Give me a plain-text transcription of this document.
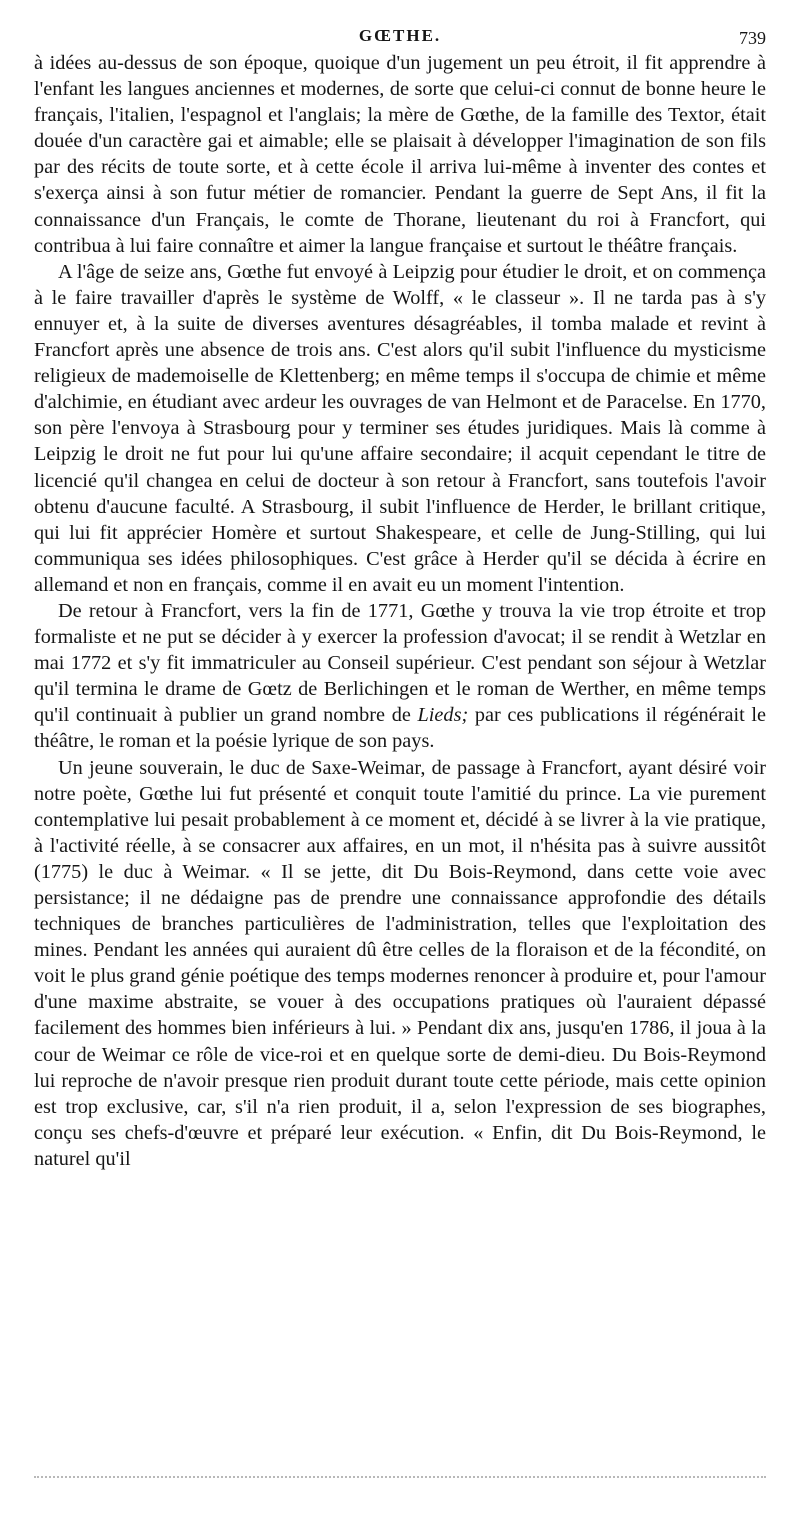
GŒTHE.	739

à idées au-dessus de son époque, quoique d'un jugement un peu étroit, il fit apprendre à l'enfant les langues anciennes et modernes, de sorte que celui-ci connut de bonne heure le français, l'italien, l'espagnol et l'anglais; la mère de Gœthe, de la famille des Textor, était douée d'un caractère gai et aimable; elle se plaisait à développer l'imagination de son fils par des récits de toute sorte, et à cette école il arriva lui-même à inventer des contes et s'exerça ainsi à son futur métier de romancier. Pendant la guerre de Sept Ans, il fit la connaissance d'un Français, le comte de Thorane, lieutenant du roi à Francfort, qui contribua à lui faire connaître et aimer la langue française et surtout le théâtre français.

A l'âge de seize ans, Gœthe fut envoyé à Leipzig pour étudier le droit, et on commença à le faire travailler d'après le système de Wolff, « le classeur ». Il ne tarda pas à s'y ennuyer et, à la suite de diverses aventures désagréables, il tomba malade et revint à Francfort après une absence de trois ans. C'est alors qu'il subit l'influence du mysticisme religieux de mademoiselle de Klettenberg; en même temps il s'occupa de chimie et même d'alchimie, en étudiant avec ardeur les ouvrages de van Helmont et de Paracelse. En 1770, son père l'envoya à Strasbourg pour y terminer ses études juridiques. Mais là comme à Leipzig le droit ne fut pour lui qu'une affaire secondaire; il acquit cependant le titre de licencié qu'il changea en celui de docteur à son retour à Francfort, sans toutefois l'avoir obtenu d'aucune faculté. A Strasbourg, il subit l'influence de Herder, le brillant critique, qui lui fit apprécier Homère et surtout Shakespeare, et celle de Jung-Stilling, qui lui communiqua ses idées philosophiques. C'est grâce à Herder qu'il se décida à écrire en allemand et non en français, comme il en avait eu un moment l'intention.

De retour à Francfort, vers la fin de 1771, Gœthe y trouva la vie trop étroite et trop formaliste et ne put se décider à y exercer la profession d'avocat; il se rendit à Wetzlar en mai 1772 et s'y fit immatriculer au Conseil supérieur. C'est pendant son séjour à Wetzlar qu'il termina le drame de Gœtz de Berlichingen et le roman de Werther, en même temps qu'il continuait à publier un grand nombre de Lieds; par ces publications il régénérait le théâtre, le roman et la poésie lyrique de son pays.

Un jeune souverain, le duc de Saxe-Weimar, de passage à Francfort, ayant désiré voir notre poète, Gœthe lui fut présenté et conquit toute l'amitié du prince. La vie purement contemplative lui pesait probablement à ce moment et, décidé à se livrer à la vie pratique, à l'activité réelle, à se consacrer aux affaires, en un mot, il n'hésita pas à suivre aussitôt (1775) le duc à Weimar. « Il se jette, dit Du Bois-Reymond, dans cette voie avec persistance; il ne dédaigne pas de prendre une connaissance approfondie des détails techniques de branches particulières de l'administration, telles que l'exploitation des mines. Pendant les années qui auraient dû être celles de la floraison et de la fécondité, on voit le plus grand génie poétique des temps modernes renoncer à produire et, pour l'amour d'une maxime abstraite, se vouer à des occupations pratiques où l'auraient dépassé facilement des hommes bien inférieurs à lui. » Pendant dix ans, jusqu'en 1786, il joua à la cour de Weimar ce rôle de vice-roi et en quelque sorte de demi-dieu. Du Bois-Reymond lui reproche de n'avoir presque rien produit durant toute cette période, mais cette opinion est trop exclusive, car, s'il n'a rien produit, il a, selon l'expression de ses biographes, conçu ses chefs-d'œuvre et préparé leur exécution. « Enfin, dit Du Bois-Reymond, le naturel qu'il
